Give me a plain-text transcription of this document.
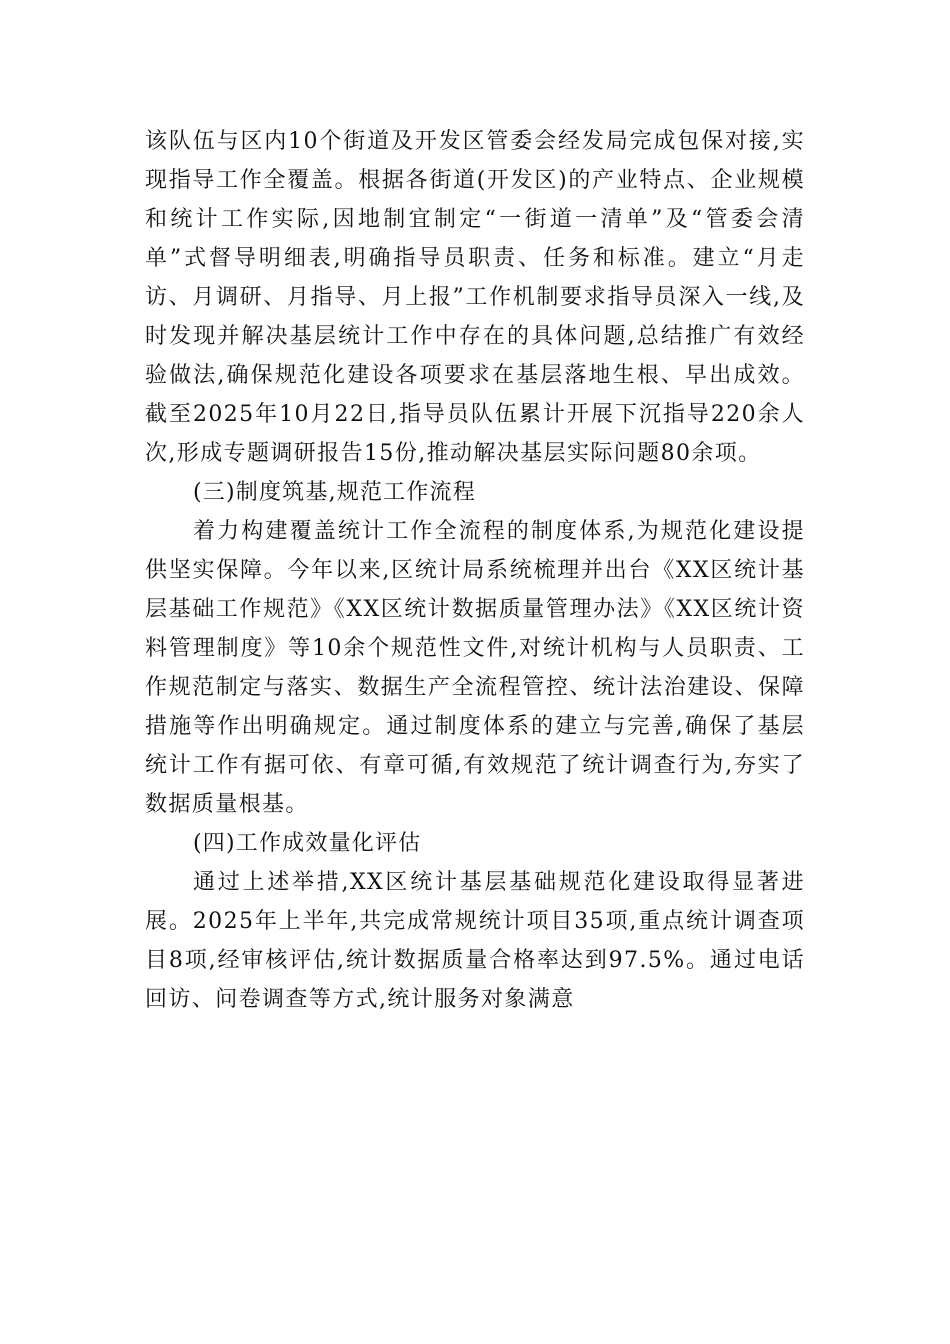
该队伍与区内10个街道及开发区管委会经发局完成包保对接,实现指导工作全覆盖。根据各街道(开发区)的产业特点、企业规模和统计工作实际,因地制宜制定“一街道一清单”及“管委会清单”式督导明细表,明确指导员职责、任务和标准。建立“月走访、月调研、月指导、月上报”工作机制要求指导员深入一线,及时发现并解决基层统计工作中存在的具体问题,总结推广有效经验做法,确保规范化建设各项要求在基层落地生根、早出成效。截至2025年10月22日,指导员队伍累计开展下沉指导220余人次,形成专题调研报告15份,推动解决基层实际问题80余项。

(三)制度筑基,规范工作流程

着力构建覆盖统计工作全流程的制度体系,为规范化建设提供坚实保障。今年以来,区统计局系统梳理并出台《XX区统计基层基础工作规范》《XX区统计数据质量管理办法》《XX区统计资料管理制度》等10余个规范性文件,对统计机构与人员职责、工作规范制定与落实、数据生产全流程管控、统计法治建设、保障措施等作出明确规定。通过制度体系的建立与完善,确保了基层统计工作有据可依、有章可循,有效规范了统计调查行为,夯实了数据质量根基。

(四)工作成效量化评估

通过上述举措,XX区统计基层基础规范化建设取得显著进展。2025年上半年,共完成常规统计项目35项,重点统计调查项目8项,经审核评估,统计数据质量合格率达到97.5%。通过电话回访、问卷调查等方式,统计服务对象满意
